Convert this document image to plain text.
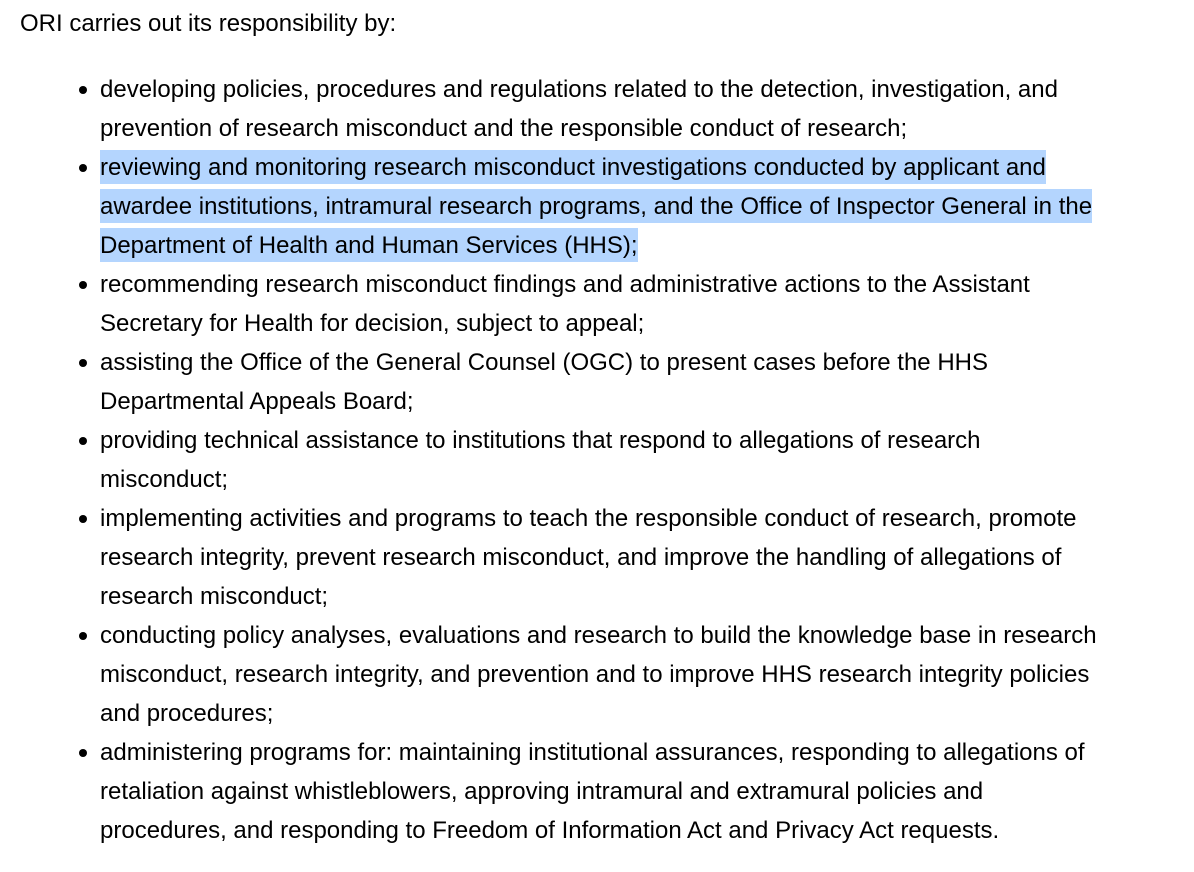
ORI carries out its responsibility by:

developing policies, procedures and regulations related to the detection, investigation, and
prevention of research misconduct and the responsible conduct of research;
reviewing and monitoring research misconduct investigations conducted by applicant and
awardee institutions, intramural research programs, and the Office of Inspector General in the
Department of Health and Human Services (HHS);
recommending research misconduct findings and administrative actions to the Assistant
Secretary for Health for decision, subject to appeal;
assisting the Office of the General Counsel (OGC) to present cases before the HHS
Departmental Appeals Board;
providing technical assistance to institutions that respond to allegations of research
misconduct;
implementing activities and programs to teach the responsible conduct of research, promote
research integrity, prevent research misconduct, and improve the handling of allegations of
research misconduct;
conducting policy analyses, evaluations and research to build the knowledge base in research
misconduct, research integrity, and prevention and to improve HHS research integrity policies
and procedures;
administering programs for: maintaining institutional assurances, responding to allegations of
retaliation against whistleblowers, approving intramural and extramural policies and
procedures, and responding to Freedom of Information Act and Privacy Act requests.
